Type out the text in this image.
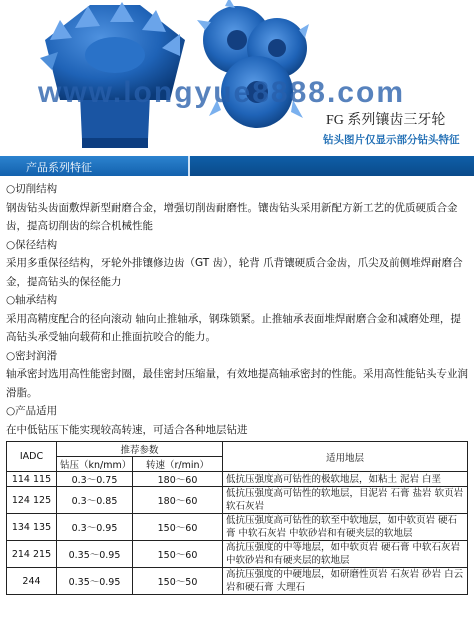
www.longyue8888.com
FG 系列镶齿三牙轮
钻头图片仅显示部分钻头特征
产品系列特征
○切削结构
钢齿钻头齿面敷焊新型耐磨合金，增强切削齿耐磨性。镶齿钻头采用新配方新工艺的优质硬质合金齿，提高切削齿的综合机械性能
○保径结构
采用多重保径结构，牙轮外排镶修边齿（GT 齿），轮背 爪背镶硬质合金齿，爪尖及前侧堆焊耐磨合金，提高钻头的保径能力
○轴承结构
采用高精度配合的径向滚动 轴向止推轴承，钢珠锁紧。止推轴承表面堆焊耐磨合金和减磨处理，提高钻头承受轴向载荷和止推面抗咬合的能力。
○密封润滑
轴承密封选用高性能密封圈，最佳密封压缩量，有效地提高轴承密封的性能。采用高性能钻头专业润滑脂。
○产品适用
在中低钻压下能实现较高转速，可适合各种地层钻进
IADC	推荐参数		适用地层
	钻压（kn/mm）	转速（r/min）	
114 115	0.3～0.75	180～60	低抗压强度高可钻性的极软地层，如粘土 泥岩 白垩
124 125	0.3～0.85	180～60	低抗压强度高可钻性的软地层，目泥岩 石膏 盐岩 软页岩 软石灰岩
134 135	0.3～0.95	150～60	低抗压强度高可钻性的软至中软地层，如中软页岩 硬石膏 中软石灰岩 中软砂岩和有硬夹层的软地层
214 215	0.35～0.95	150～60	高抗压强度的中等地层，如中软页岩 硬石膏 中软石灰岩 中软砂岩和有硬夹层的软地层
244	0.35～0.95	150～50	高抗压强度的中硬地层，如研磨性页岩 石灰岩 砂岩 白云岩和硬石膏 大理石
